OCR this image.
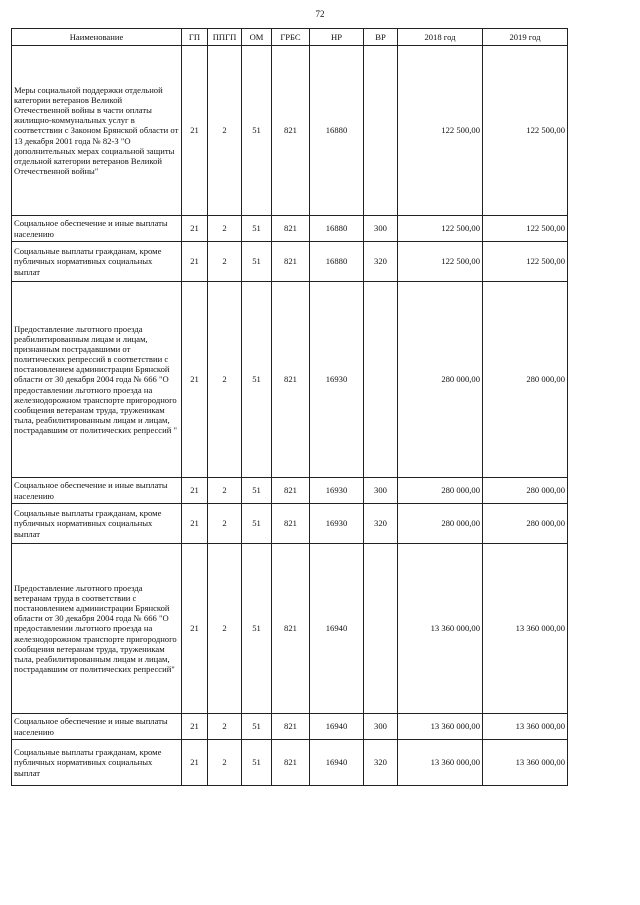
72
Наименование	ГП	ППГП	ОМ	ГРБС	НР	ВР	2018 год	2019 год

Меры социальной поддержки отдельной категории ветеранов Великой Отечественной войны в части оплаты жилищно-коммунальных услуг в соответствии с Законом Брянской области от 13 декабря 2001 года № 82-З "О дополнительных мерах социальной защиты отдельной категории ветеранов Великой Отечественной войны"	21	2	51	821	16880		122 500,00	122 500,00

Социальное обеспечение и иные выплаты населению	21	2	51	821	16880	300	122 500,00	122 500,00

Социальные выплаты гражданам, кроме публичных нормативных социальных выплат	21	2	51	821	16880	320	122 500,00	122 500,00

Предоставление льготного проезда реабилитированным лицам и лицам, признанным пострадавшими от политических репрессий в соответствии с постановлением администрации Брянской области от 30 декабря 2004 года № 666 "О предоставлении льготного проезда на железнодорожном транспорте пригородного сообщения ветеранам труда, труженикам тыла, реабилитированным лицам и лицам, пострадавшим от политических репрессий "	21	2	51	821	16930		280 000,00	280 000,00

Социальное обеспечение и иные выплаты населению	21	2	51	821	16930	300	280 000,00	280 000,00

Социальные выплаты гражданам, кроме публичных нормативных социальных выплат	21	2	51	821	16930	320	280 000,00	280 000,00

Предоставление льготного проезда ветеранам труда в соответствии с постановлением администрации Брянской области от 30 декабря 2004 года № 666 "О предоставлении льготного проезда на железнодорожном транспорте пригородного сообщения ветеранам труда, труженикам тыла, реабилитированным лицам и лицам, пострадавшим от политических репрессий"	21	2	51	821	16940		13 360 000,00	13 360 000,00

Социальное обеспечение и иные выплаты населению	21	2	51	821	16940	300	13 360 000,00	13 360 000,00

Социальные выплаты гражданам, кроме публичных нормативных социальных выплат	21	2	51	821	16940	320	13 360 000,00	13 360 000,00
